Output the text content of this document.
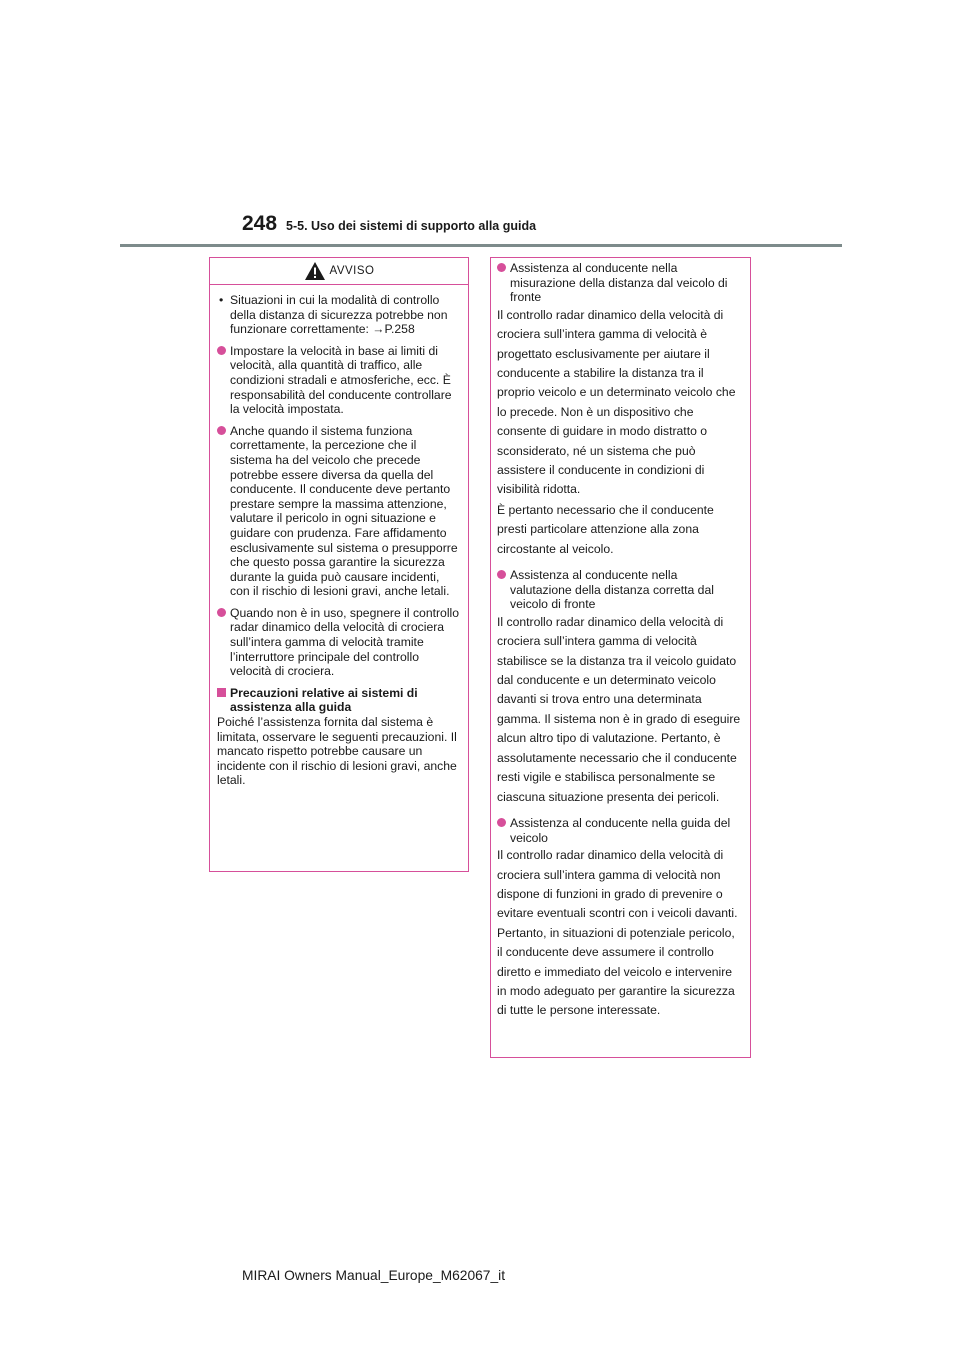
248 5-5. Uso dei sistemi di supporto alla guida
AVVISO
• Situazioni in cui la modalità di controllo della distanza di sicurezza potrebbe non funzionare correttamente: →P.258
Impostare la velocità in base ai limiti di velocità, alla quantità di traffico, alle condizioni stradali e atmosferiche, ecc. È responsabilità del conducente controllare la velocità impostata.
Anche quando il sistema funziona correttamente, la percezione che il sistema ha del veicolo che precede potrebbe essere diversa da quella del conducente. Il conducente deve pertanto prestare sempre la massima attenzione, valutare il pericolo in ogni situazione e guidare con prudenza. Fare affidamento esclusivamente sul sistema o presupporre che questo possa garantire la sicurezza durante la guida può causare incidenti, con il rischio di lesioni gravi, anche letali.
Quando non è in uso, spegnere il controllo radar dinamico della velocità di crociera sull’intera gamma di velocità tramite l’interruttore principale del controllo velocità di crociera.
Precauzioni relative ai sistemi di assistenza alla guida
Poiché l’assistenza fornita dal sistema è limitata, osservare le seguenti precauzioni. Il mancato rispetto potrebbe causare un incidente con il rischio di lesioni gravi, anche letali.
Assistenza al conducente nella misurazione della distanza dal veicolo di fronte
Il controllo radar dinamico della velocità di crociera sull’intera gamma di velocità è progettato esclusivamente per aiutare il conducente a stabilire la distanza tra il proprio veicolo e un determinato veicolo che lo precede. Non è un dispositivo che consente di guidare in modo distratto o sconsiderato, né un sistema che può assistere il conducente in condizioni di visibilità ridotta.
È pertanto necessario che il conducente presti particolare attenzione alla zona circostante al veicolo.
Assistenza al conducente nella valutazione della distanza corretta dal veicolo di fronte
Il controllo radar dinamico della velocità di crociera sull’intera gamma di velocità stabilisce se la distanza tra il veicolo guidato dal conducente e un determinato veicolo davanti si trova entro una determinata gamma. Il sistema non è in grado di eseguire alcun altro tipo di valutazione. Pertanto, è assolutamente necessario che il conducente resti vigile e stabilisca personalmente se ciascuna situazione presenta dei pericoli.
Assistenza al conducente nella guida del veicolo
Il controllo radar dinamico della velocità di crociera sull’intera gamma di velocità non dispone di funzioni in grado di prevenire o evitare eventuali scontri con i veicoli davanti. Pertanto, in situazioni di potenziale pericolo, il conducente deve assumere il controllo diretto e immediato del veicolo e intervenire in modo adeguato per garantire la sicurezza di tutte le persone interessate.
MIRAI Owners Manual_Europe_M62067_it
